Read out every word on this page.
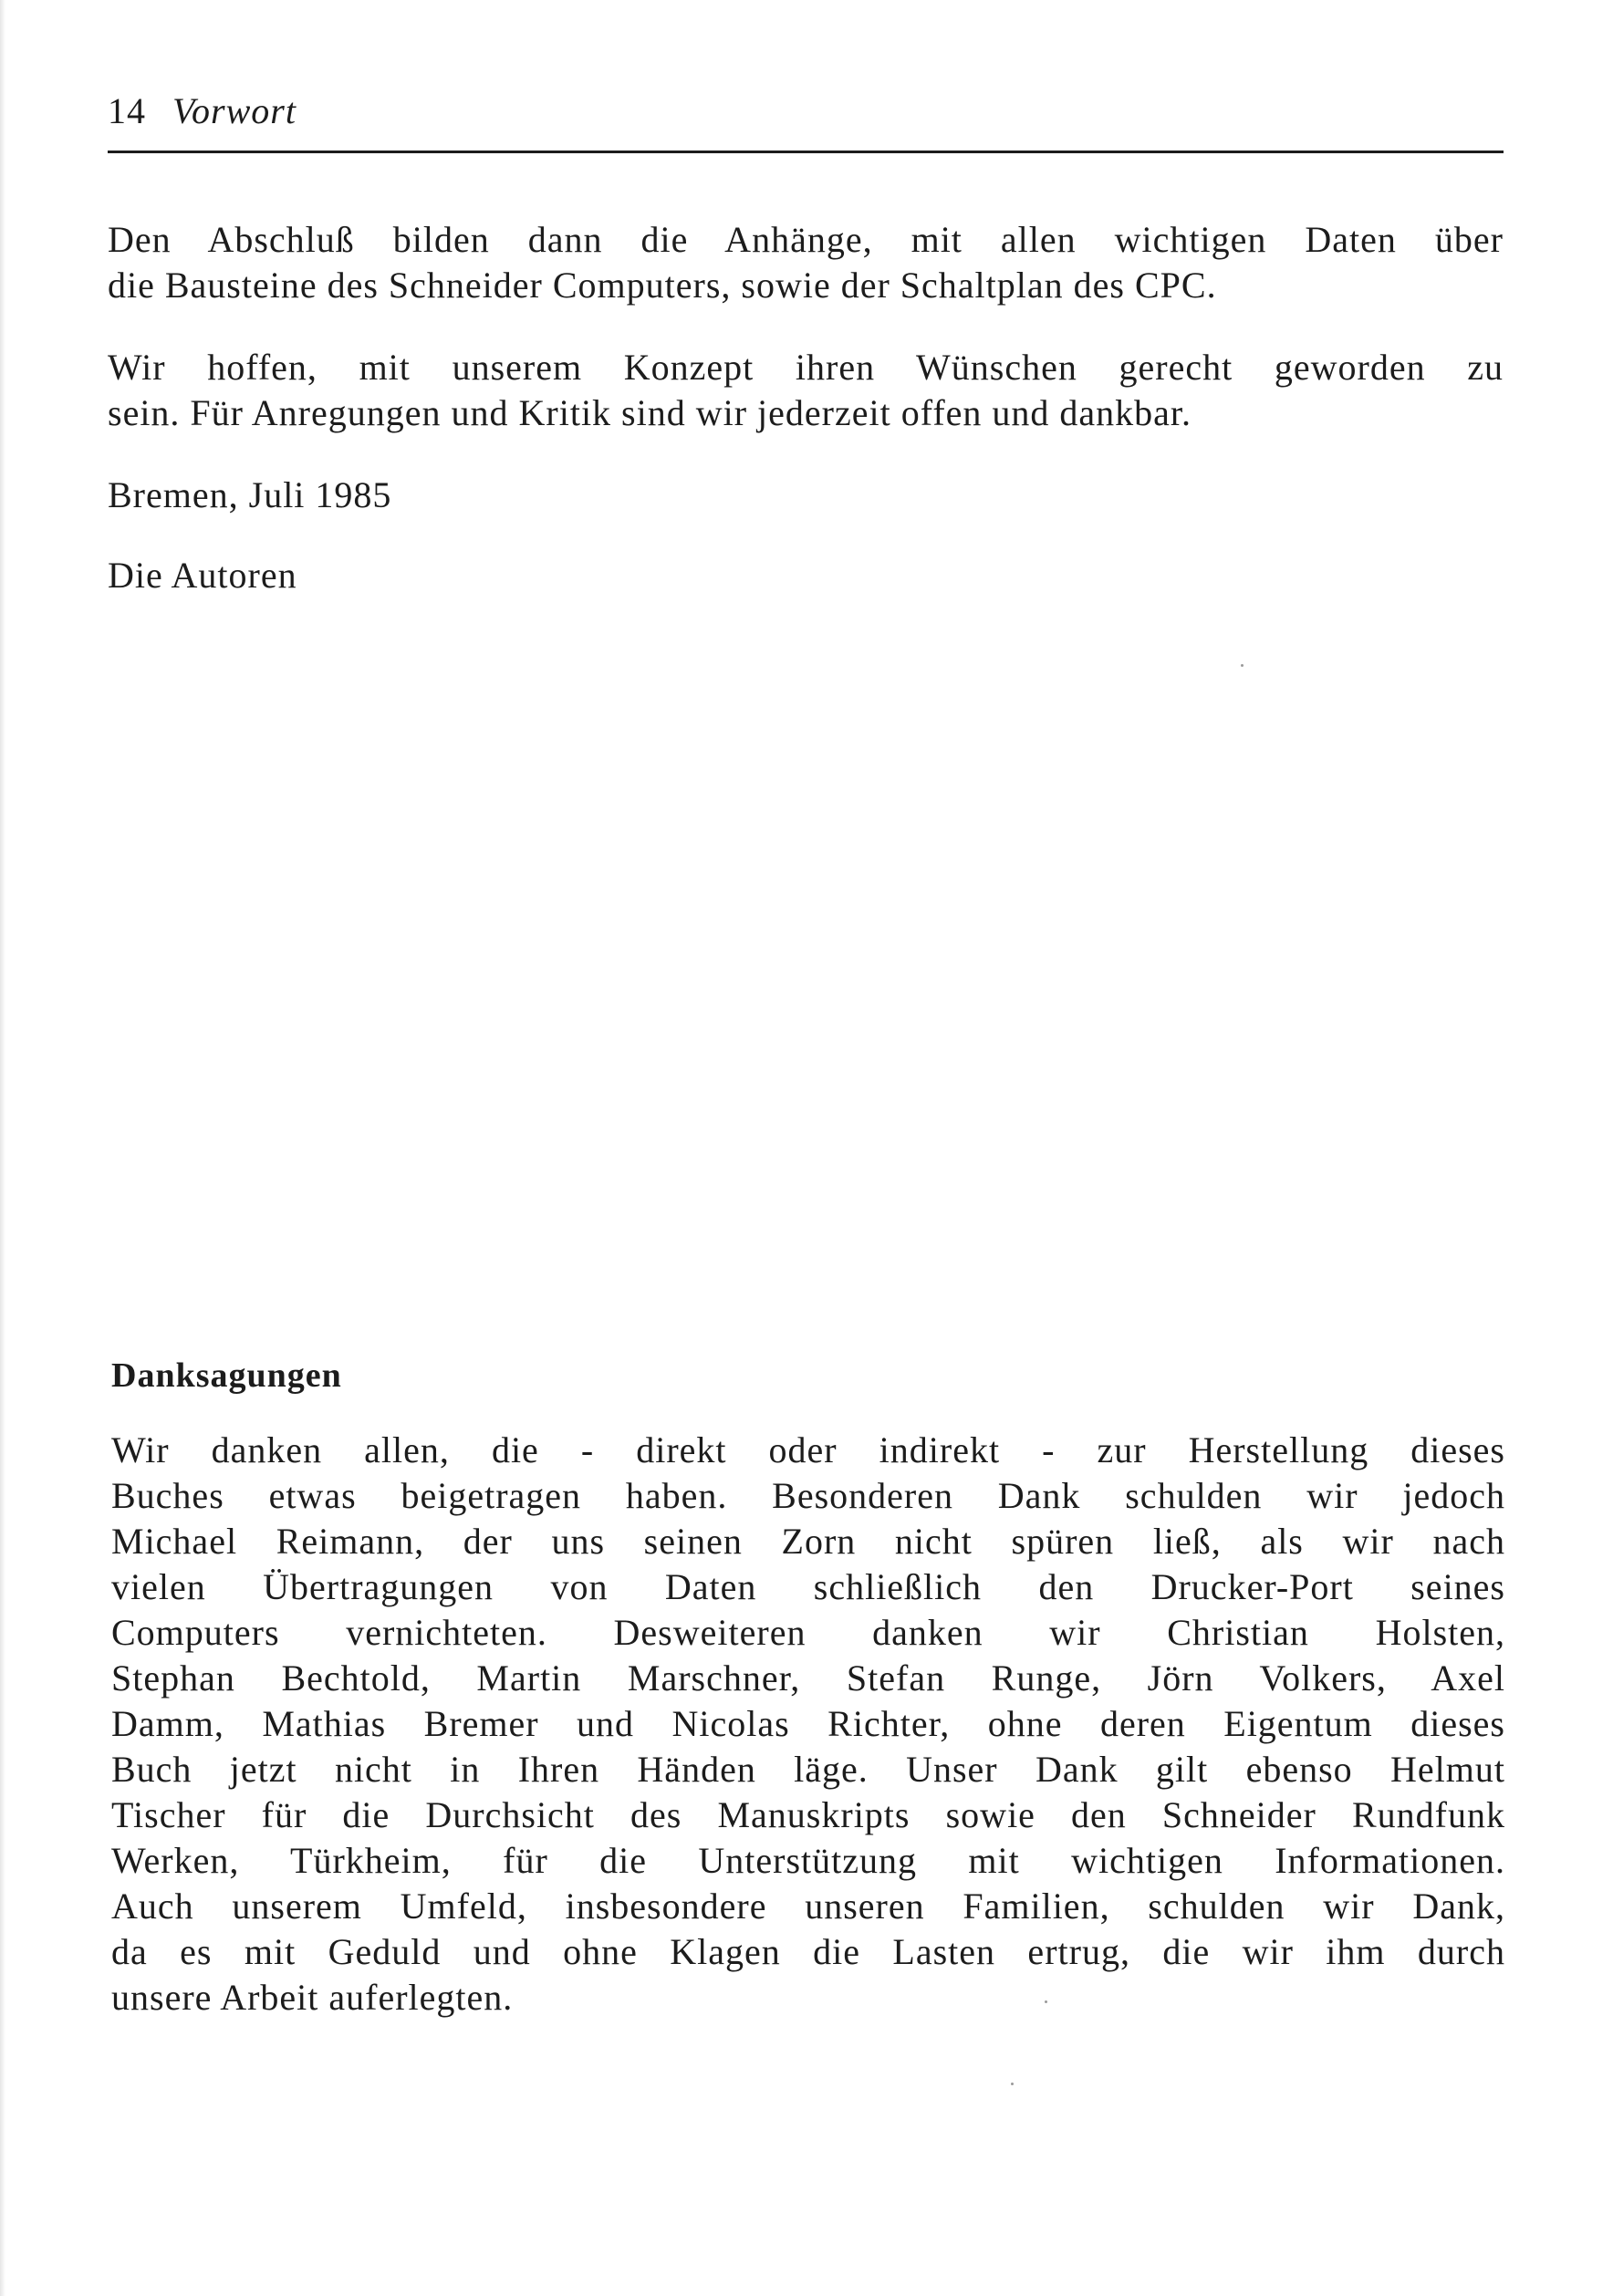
14 Vorwort
Den Abschluß bilden dann die Anhänge, mit allen wichtigen Daten über
die Bausteine des Schneider Computers, sowie der Schaltplan des CPC.
Wir hoffen, mit unserem Konzept ihren Wünschen gerecht geworden zu
sein. Für Anregungen und Kritik sind wir jederzeit offen und dankbar.
Bremen, Juli 1985
Die Autoren
Danksagungen
Wir danken allen, die - direkt oder indirekt - zur Herstellung dieses
Buches etwas beigetragen haben. Besonderen Dank schulden wir jedoch
Michael Reimann, der uns seinen Zorn nicht spüren ließ, als wir nach
vielen Übertragungen von Daten schließlich den Drucker-Port seines
Computers vernichteten. Desweiteren danken wir Christian Holsten,
Stephan Bechtold, Martin Marschner, Stefan Runge, Jörn Volkers, Axel
Damm, Mathias Bremer und Nicolas Richter, ohne deren Eigentum dieses
Buch jetzt nicht in Ihren Händen läge. Unser Dank gilt ebenso Helmut
Tischer für die Durchsicht des Manuskripts sowie den Schneider Rundfunk
Werken, Türkheim, für die Unterstützung mit wichtigen Informationen.
Auch unserem Umfeld, insbesondere unseren Familien, schulden wir Dank,
da es mit Geduld und ohne Klagen die Lasten ertrug, die wir ihm durch
unsere Arbeit auferlegten.
